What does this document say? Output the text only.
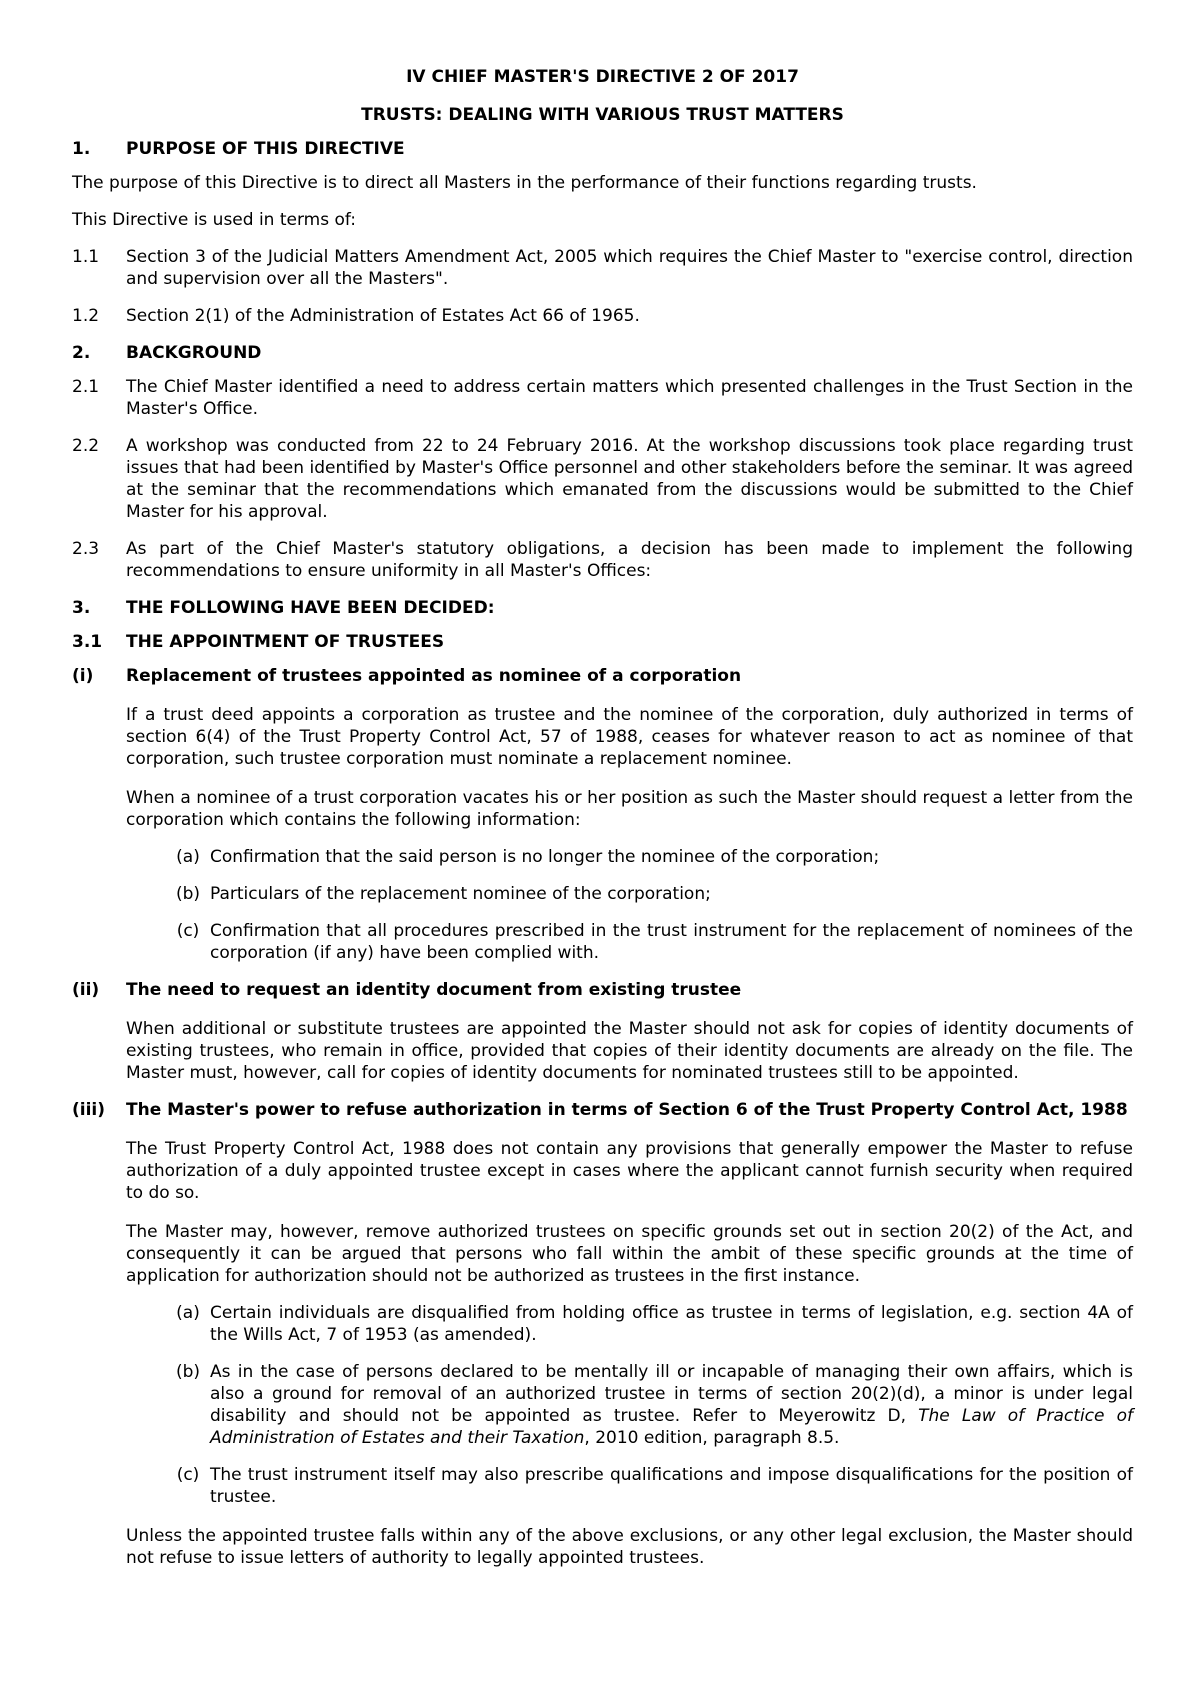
IV CHIEF MASTER'S DIRECTIVE 2 OF 2017

TRUSTS: DEALING WITH VARIOUS TRUST MATTERS

1.	PURPOSE OF THIS DIRECTIVE

The purpose of this Directive is to direct all Masters in the performance of their functions regarding trusts.

This Directive is used in terms of:

1.1	Section 3 of the Judicial Matters Amendment Act, 2005 which requires the Chief Master to "exercise control, direction and supervision over all the Masters".
1.2	Section 2(1) of the Administration of Estates Act 66 of 1965.
2.	BACKGROUND
2.1	The Chief Master identified a need to address certain matters which presented challenges in the Trust Section in the Master's Office.
2.2	A workshop was conducted from 22 to 24 February 2016. At the workshop discussions took place regarding trust issues that had been identified by Master's Office personnel and other stakeholders before the seminar. It was agreed at the seminar that the recommendations which emanated from the discussions would be submitted to the Chief Master for his approval.
2.3	As part of the Chief Master's statutory obligations, a decision has been made to implement the following recommendations to ensure uniformity in all Master's Offices:
3.	THE FOLLOWING HAVE BEEN DECIDED:
3.1	THE APPOINTMENT OF TRUSTEES
(i)	Replacement of trustees appointed as nominee of a corporation

If a trust deed appoints a corporation as trustee and the nominee of the corporation, duly authorized in terms of section 6(4) of the Trust Property Control Act, 57 of 1988, ceases for whatever reason to act as nominee of that corporation, such trustee corporation must nominate a replacement nominee.

When a nominee of a trust corporation vacates his or her position as such the Master should request a letter from the corporation which contains the following information:

(a) Confirmation that the said person is no longer the nominee of the corporation;
(b) Particulars of the replacement nominee of the corporation;
(c) Confirmation that all procedures prescribed in the trust instrument for the replacement of nominees of the corporation (if any) have been complied with.
(ii)	The need to request an identity document from existing trustee

When additional or substitute trustees are appointed the Master should not ask for copies of identity documents of existing trustees, who remain in office, provided that copies of their identity documents are already on the file. The Master must, however, call for copies of identity documents for nominated trustees still to be appointed.

(iii)	The Master's power to refuse authorization in terms of Section 6 of the Trust Property Control Act, 1988

The Trust Property Control Act, 1988 does not contain any provisions that generally empower the Master to refuse authorization of a duly appointed trustee except in cases where the applicant cannot furnish security when required to do so.

The Master may, however, remove authorized trustees on specific grounds set out in section 20(2) of the Act, and consequently it can be argued that persons who fall within the ambit of these specific grounds at the time of application for authorization should not be authorized as trustees in the first instance.

(a) Certain individuals are disqualified from holding office as trustee in terms of legislation, e.g. section 4A of the Wills Act, 7 of 1953 (as amended).
(b) As in the case of persons declared to be mentally ill or incapable of managing their own affairs, which is also a ground for removal of an authorized trustee in terms of section 20(2)(d), a minor is under legal disability and should not be appointed as trustee. Refer to Meyerowitz D, The Law of Practice of Administration of Estates and their Taxation, 2010 edition, paragraph 8.5.
(c) The trust instrument itself may also prescribe qualifications and impose disqualifications for the position of trustee.

Unless the appointed trustee falls within any of the above exclusions, or any other legal exclusion, the Master should not refuse to issue letters of authority to legally appointed trustees.
